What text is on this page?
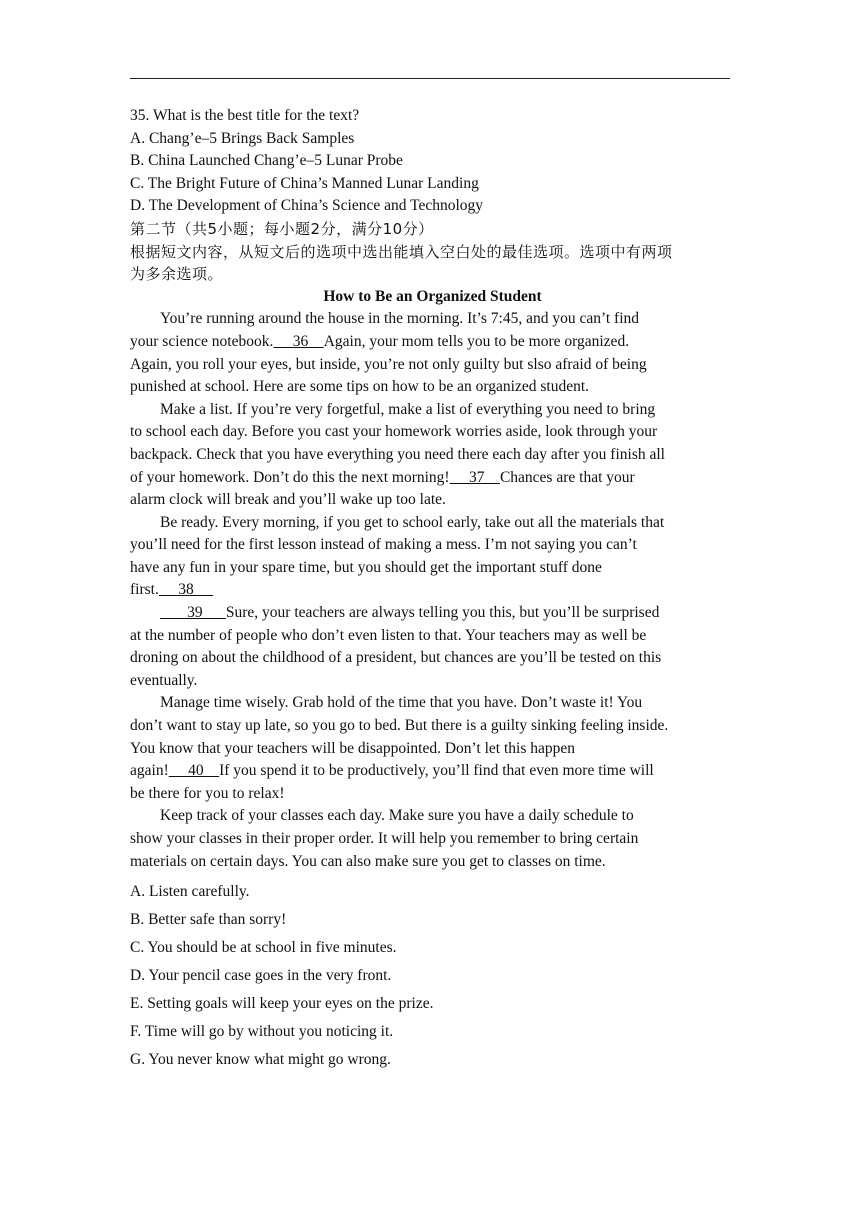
35. What is the best title for the text?
A. Chang’e–5 Brings Back Samples
B. China Launched Chang’e–5 Lunar Probe
C. The Bright Future of China’s Manned Lunar Landing
D. The Development of China’s Science and Technology
第二节（共5小题；每小题2分，满分10分）
根据短文内容，从短文后的选项中选出能填入空白处的最佳选项。选项中有两项
为多余选项。
How to Be an Organized Student
You’re running around the house in the morning. It’s 7:45, and you can’t find
your science notebook.     36    Again, your mom tells you to be more organized.
Again, you roll your eyes, but inside, you’re not only guilty but slso afraid of being
punished at school. Here are some tips on how to be an organized student.
Make a list. If you’re very forgetful, make a list of everything you need to bring
to school each day. Before you cast your homework worries aside, look through your
backpack. Check that you have everything you need there each day after you finish all
of your homework. Don’t do this the next morning!     37    Chances are that your
alarm clock will break and you’ll wake up too late.
Be ready. Every morning, if you get to school early, take out all the materials that
you’ll need for the first lesson instead of making a mess. I’m not saying you can’t
have any fun in your spare time, but you should get the important stuff done
first.     38
39      Sure, your teachers are always telling you this, but you’ll be surprised
at the number of people who don’t even listen to that. Your teachers may as well be
droning on about the childhood of a president, but chances are you’ll be tested on this
eventually.
Manage time wisely. Grab hold of the time that you have. Don’t waste it! You
don’t want to stay up late, so you go to bed. But there is a guilty sinking feeling inside.
You know that your teachers will be disappointed. Don’t let this happen
again!     40    If you spend it to be productively, you’ll find that even more time will
be there for you to relax!
Keep track of your classes each day. Make sure you have a daily schedule to
show your classes in their proper order. It will help you remember to bring certain
materials on certain days. You can also make sure you get to classes on time.
A. Listen carefully.
B. Better safe than sorry!
C. You should be at school in five minutes.
D. Your pencil case goes in the very front.
E. Setting goals will keep your eyes on the prize.
F. Time will go by without you noticing it.
G. You never know what might go wrong.
